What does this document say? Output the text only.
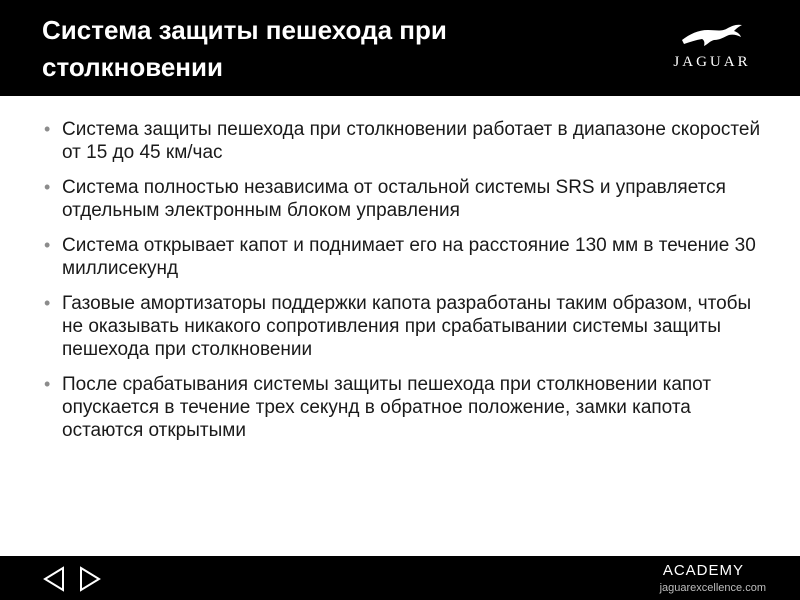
Система защиты пешехода при столкновении	JAGUAR
• Система защиты пешехода при столкновении работает в диапазоне скоростей от 15 до 45 км/час
• Система полностью независима от остальной системы SRS и управляется отдельным электронным блоком управления
• Система открывает капот и поднимает его на расстояние 130 мм в течение 30 миллисекунд
• Газовые амортизаторы поддержки капота разработаны таким образом, чтобы не оказывать никакого сопротивления при срабатывании системы защиты пешехода при столкновении
• После срабатывания системы защиты пешехода при столкновении капот опускается в течение трех секунд в обратное положение, замки капота остаются открытыми
ACADEMY
jaguarexcellence.com
